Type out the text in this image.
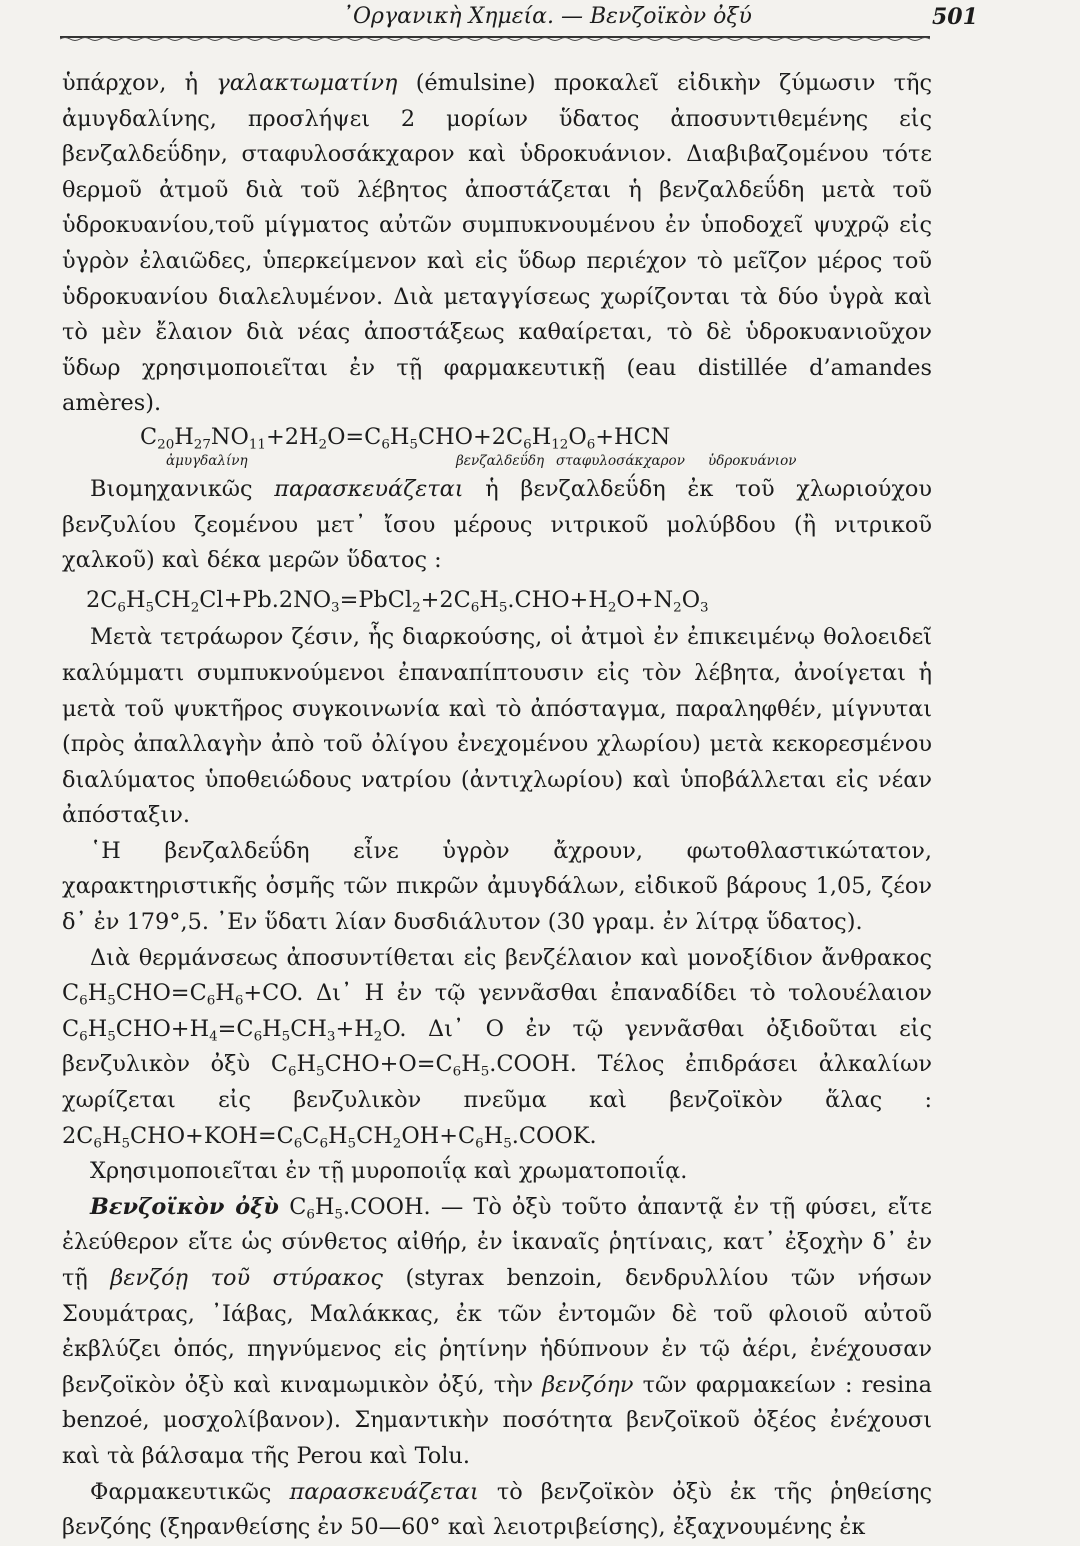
᾿Οργανικὴ Χημεία. — Βενζοϊκὸν ὀξύ	501

ὑπάρχον, ἡ γαλακτωματίνη (émulsine) προκαλεῖ εἰδικὴν ζύμωσιν τῆς ἀμυγδαλίνης, προσλήψει 2 μορίων ὕδατος ἀποσυντιθεμένης εἰς βενζαλδεΰδην, σταφυλοσάκχαρον καὶ ὑδροκυάνιον. Διαβιβαζομένου τότε θερμοῦ ἀτμοῦ διὰ τοῦ λέβητος ἀποστάζεται ἡ βενζαλδεΰδη μετὰ τοῦ ὑδροκυανίου,τοῦ μίγματος αὐτῶν συμπυκνουμένου ἐν ὑποδοχεῖ ψυχρῷ εἰς ὑγρὸν ἐλαιῶδες, ὑπερκείμενον καὶ εἰς ὕδωρ περιέχον τὸ μεῖζον μέρος τοῦ ὑδροκυανίου διαλελυμένον. Διὰ μεταγγίσεως χωρίζονται τὰ δύο ὑγρὰ καὶ τὸ μὲν ἔλαιον διὰ νέας ἀποστάξεως καθαίρεται, τὸ δὲ ὑδροκυανιοῦχον ὕδωρ χρησιμοποιεῖται ἐν τῇ φαρμακευτικῇ (eau distillée d’amandes amères).

$C_{20}H_{27}NO_{11}+2H_2O=C_6H_5CHO+2C_6H_{12}O_6+HCN$
ἀμυγδαλίνη	βενζαλδεΰδη σταφυλοσάκχαρον ὑδροκυάνιον

Βιομηχανικῶς παρασκευάζεται ἡ βενζαλδεΰδη ἐκ τοῦ χλωριούχου βενζυλίου ζεομένου μετ᾿ ἴσου μέρους νιτρικοῦ μολύβδου (ἢ νιτρικοῦ χαλκοῦ) καὶ δέκα μερῶν ὕδατος :

$2C_6H_5CH_2Cl+Pb.2NO_3=PbCl_2+2C_6H_5.CHO+H_2O+N_2O_3$

Μετὰ τετράωρον ζέσιν, ἧς διαρκούσης, οἱ ἀτμοὶ ἐν ἐπικειμένῳ θολοειδεῖ καλύμματι συμπυκνούμενοι ἐπαναπίπτουσιν εἰς τὸν λέβητα, ἀνοίγεται ἡ μετὰ τοῦ ψυκτῆρος συγκοινωνία καὶ τὸ ἀπόσταγμα, παραληφθέν, μίγνυται (πρὸς ἀπαλλαγὴν ἀπὸ τοῦ ὀλίγου ἐνεχομένου χλωρίου) μετὰ κεκορεσμένου διαλύματος ὑποθειώδους νατρίου (ἀντιχλωρίου) καὶ ὑποβάλλεται εἰς νέαν ἀπόσταξιν.

῾Η βενζαλδεΰδη εἶνε ὑγρὸν ἄχρουν, φωτοθλαστικώτατον, χαρακτηριστικῆς ὀσμῆς τῶν πικρῶν ἀμυγδάλων, εἰδικοῦ βάρους 1,05, ζέον δ᾿ ἐν 179°,5. ᾿Εν ὕδατι λίαν δυσδιάλυτον (30 γραμ. ἐν λίτρᾳ ὕδατος).

Διὰ θερμάνσεως ἀποσυντίθεται εἰς βενζέλαιον καὶ μονοξίδιον ἄνθρακος $C_6H_5CHO=C_6H_6+CO$. Δι᾿ H ἐν τῷ γεννᾶσθαι ἐπαναδίδει τὸ τολουέλαιον $C_6H_5CHO+H_4=C_6H_5CH_3+H_2O$. Δι᾿ O ἐν τῷ γεννᾶσθαι ὀξιδοῦται εἰς βενζυλικὸν ὀξὺ $C_6H_5CHO+O=C_6H_5.COOH$. Τέλος ἐπιδράσει ἀλκαλίων χωρίζεται εἰς βενζυλικὸν πνεῦμα καὶ βενζοϊκὸν ἅλας : $2C_6H_5CHO+KOH=C_6C_6H_5CH_2OH+C_6H_5.COOK$.

Χρησιμοποιεῖται ἐν τῇ μυροποιΐᾳ καὶ χρωματοποιΐᾳ.

Βενζοϊκὸν ὀξὺ $C_6H_5.COOH$. — Τὸ ὀξὺ τοῦτο ἀπαντᾷ ἐν τῇ φύσει, εἴτε ἐλεύθερον εἴτε ὡς σύνθετος αἰθήρ, ἐν ἱκαναῖς ῥητίναις, κατ᾿ ἐξοχὴν δ᾿ ἐν τῇ βενζόῃ τοῦ στύρακος (styrax benzoin, δενδρυλλίου τῶν νήσων Σουμάτρας, ᾿Ιάβας, Μαλάκκας, ἐκ τῶν ἐντομῶν δὲ τοῦ φλοιοῦ αὐτοῦ ἐκβλύζει ὀπός, πηγνύμενος εἰς ῥητίνην ἡδύπνουν ἐν τῷ ἀέρι, ἐνέχουσαν βενζοϊκὸν ὀξὺ καὶ κιναμωμικὸν ὀξύ, τὴν βενζόην τῶν φαρμακείων : resina benzoé, μοσχολίβανον). Σημαντικὴν ποσότητα βενζοϊκοῦ ὀξέος ἐνέχουσι καὶ τὰ βάλσαμα τῆς Perou καὶ Tolu.

Φαρμακευτικῶς παρασκευάζεται τὸ βενζοϊκὸν ὀξὺ ἐκ τῆς ῥηθείσης βενζόης (ξηρανθείσης ἐν 50—60° καὶ λειοτριβείσης), ἐξαχνουμένης ἐκ
